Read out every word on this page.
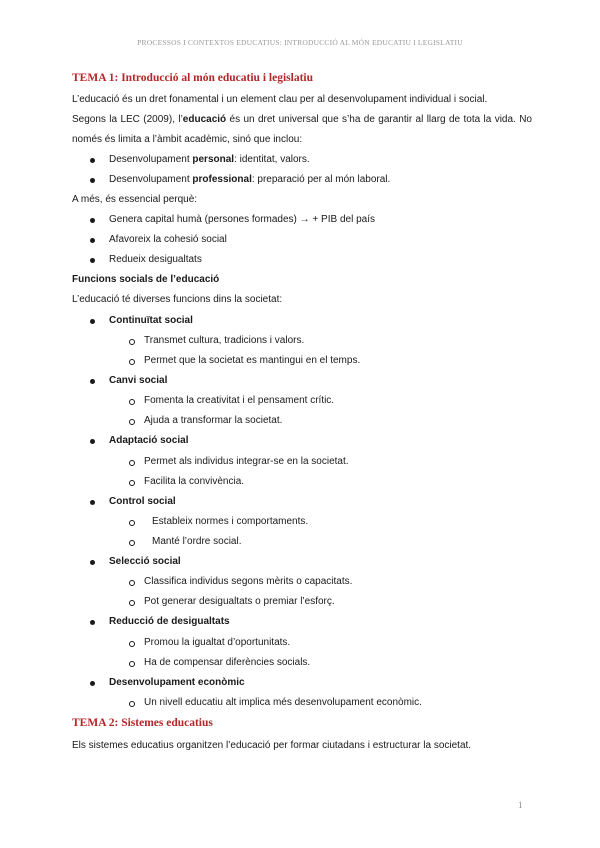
PROCESSOS I CONTEXTOS EDUCATIUS: INTRODUCCIÓ AL MÓN EDUCATIU I LEGISLATIU
TEMA 1: Introducció al món educatiu i legislatiu
L’educació és un dret fonamental i un element clau per al desenvolupament individual i social.
Segons la LEC (2009), l’educació és un dret universal que s’ha de garantir al llarg de tota la vida. No
només és limita a l’àmbit acadèmic, sinó que inclou:
Desenvolupament personal: identitat, valors.
Desenvolupament professional: preparació per al món laboral.
A més, és essencial perquè:
Genera capital humà (persones formades) → + PIB del país
Afavoreix la cohesió social
Redueix desigualtats
Funcions socials de l’educació
L’educació té diverses funcions dins la societat:
Continuïtat social
Transmet cultura, tradicions i valors.
Permet que la societat es mantingui en el temps.
Canvi social
Fomenta la creativitat i el pensament crític.
Ajuda a transformar la societat.
Adaptació social
Permet als individus integrar-se en la societat.
Facilita la convivència.
Control social
Estableix normes i comportaments.
Manté l’ordre social.
Selecció social
Classifica individus segons mèrits o capacitats.
Pot generar desigualtats o premiar l’esforç.
Reducció de desigualtats
Promou la igualtat d’oportunitats.
Ha de compensar diferències socials.
Desenvolupament econòmic
Un nivell educatiu alt implica més desenvolupament econòmic.
TEMA 2: Sistemes educatius
Els sistemes educatius organitzen l’educació per formar ciutadans i estructurar la societat.
1
